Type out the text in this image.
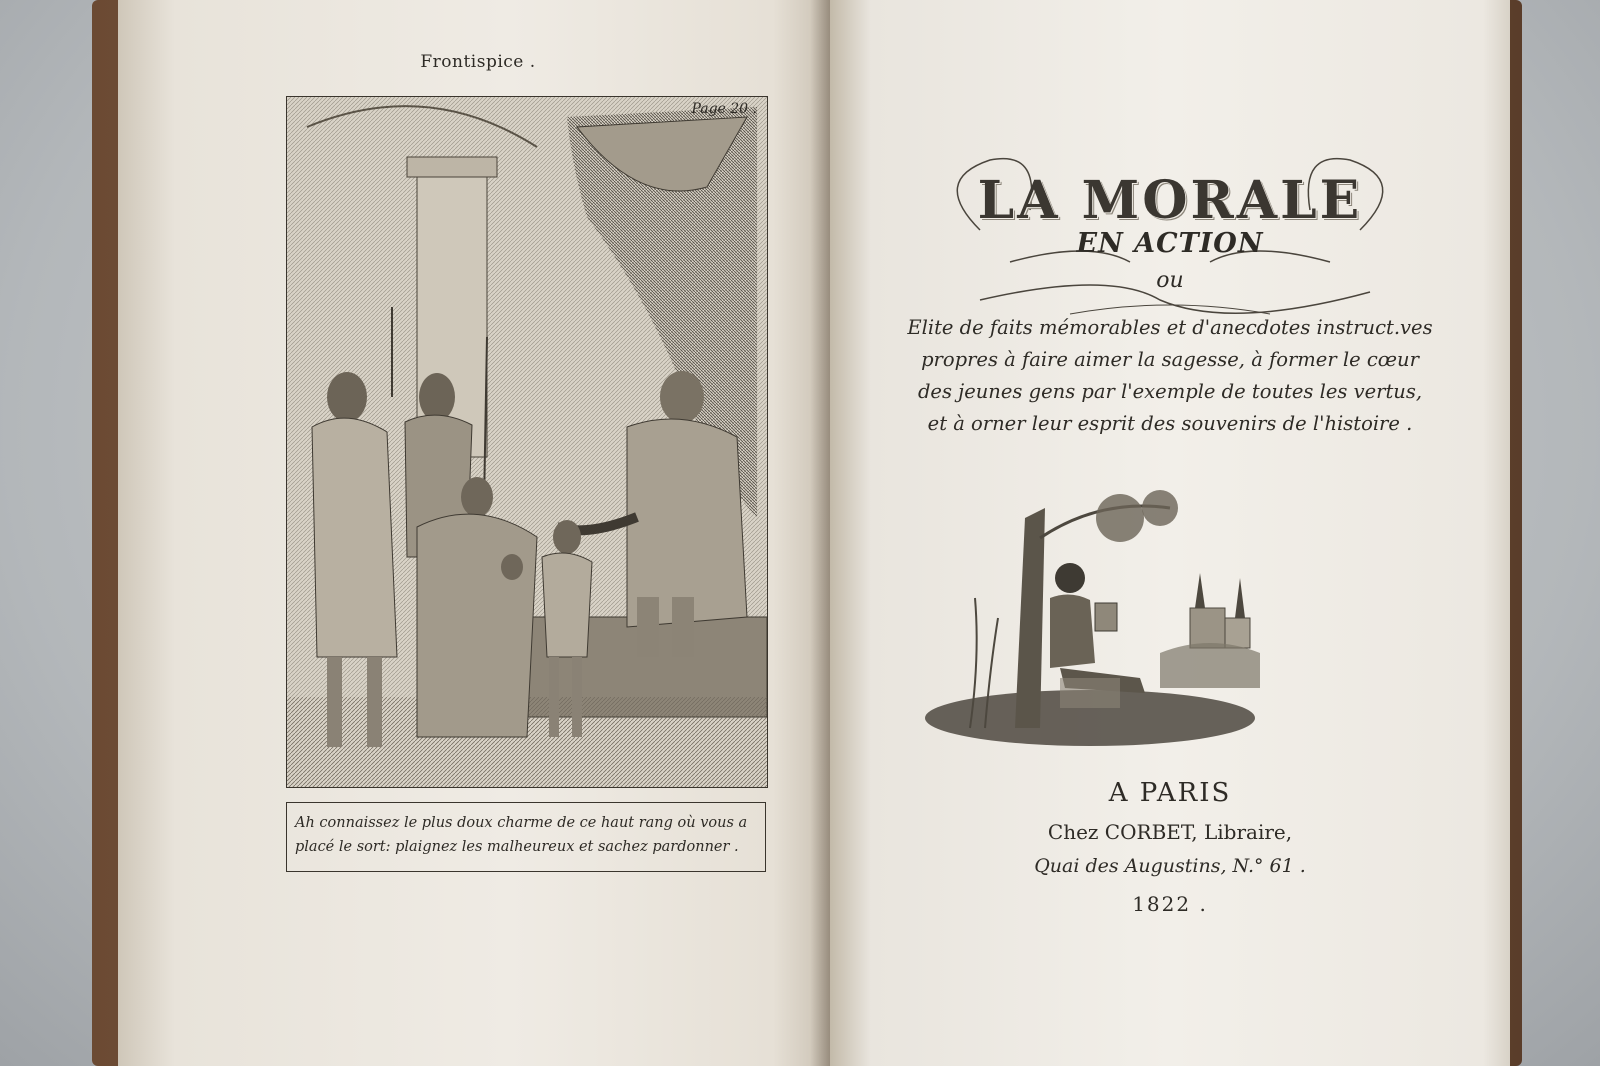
Frontispice .
Page 20 .
Ah connaissez le plus doux charme de ce haut rang où vous a
placé le sort: plaignez les malheureux et sachez pardonner .
LA MORALE
EN ACTION
ou
Elite de faits mémorables et d'anecdotes instruct.ves
propres à faire aimer la sagesse, à former le cœur
des jeunes gens par l'exemple de toutes les vertus,
et à orner leur esprit des souvenirs de l'histoire .
A PARIS
Chez CORBET, Libraire,
Quai des Augustins, N.° 61 .
1822 .
